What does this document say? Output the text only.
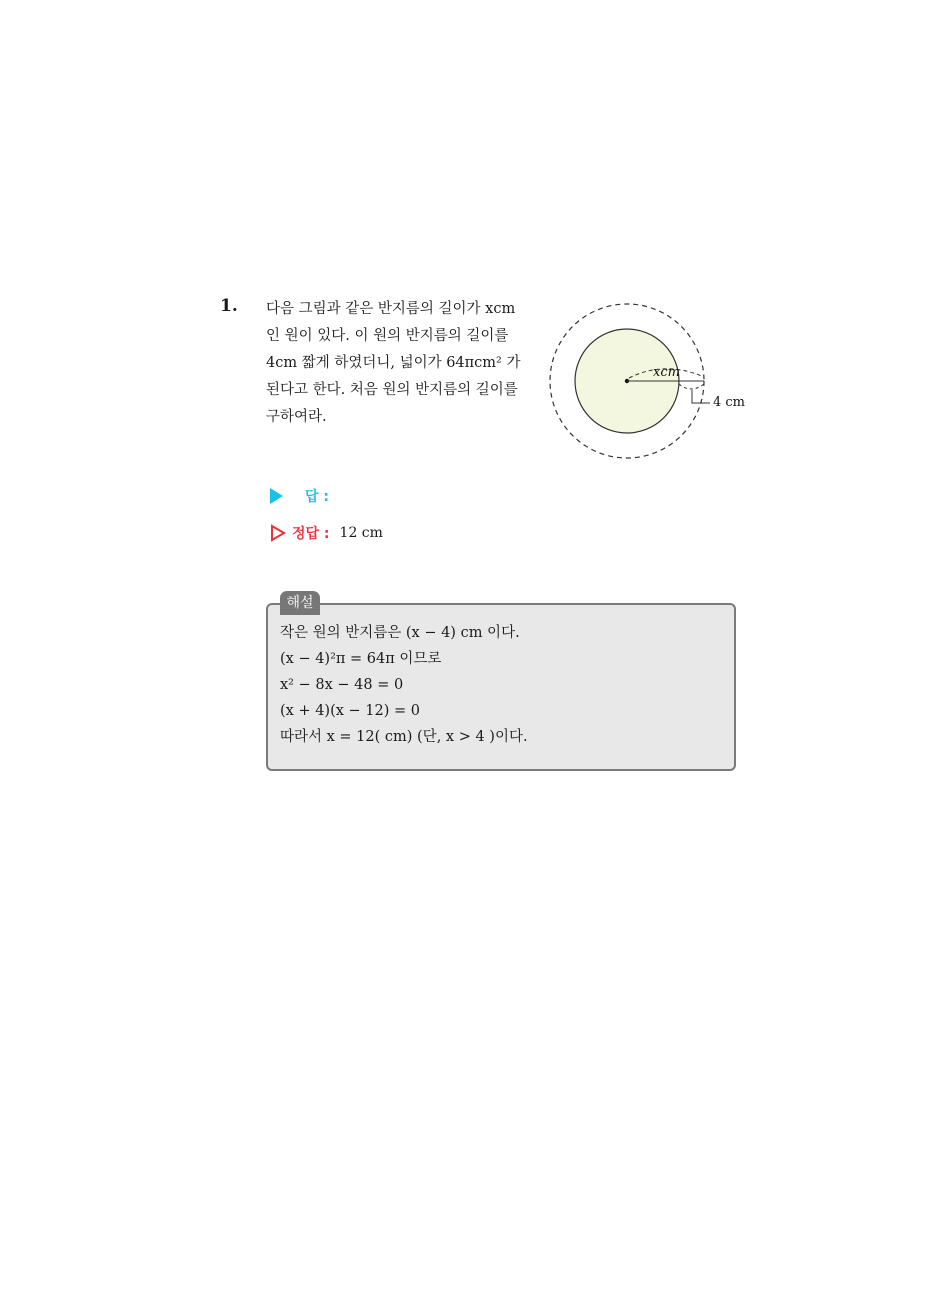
1. 다음 그림과 같은 반지름의 길이가 xcm
인 원이 있다. 이 원의 반지름의 길이를
4cm 짧게 하였더니, 넓이가 64πcm² 가
된다고 한다. 처음 원의 반지름의 길이를
구하여라.
xcm
4 cm
답 :
정답 : 12 cm
해설
작은 원의 반지름은 (x − 4) cm 이다.
(x − 4)²π = 64π 이므로
x² − 8x − 48 = 0
(x + 4)(x − 12) = 0
따라서 x = 12( cm) (단, x > 4 )이다.
